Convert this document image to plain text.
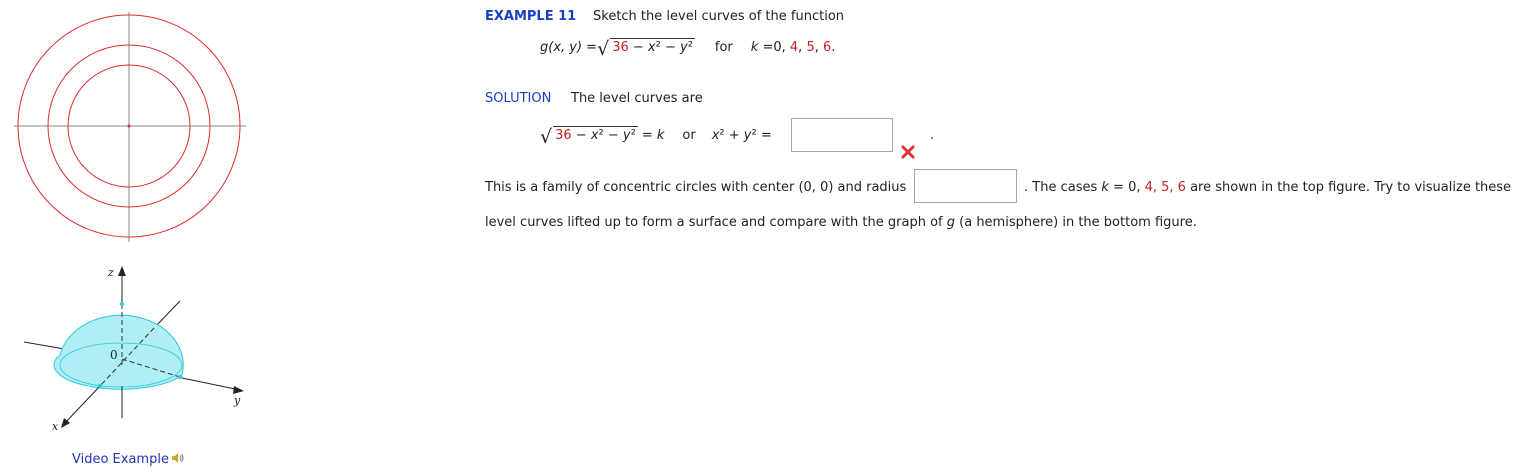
z
0
y
x
Video Example
EXAMPLE 11 Sketch the level curves of the function
g(x, y) = √ 36 − x² − y² for k = 0, 4, 5, 6 .
SOLUTION The level curves are
√ 36 − x² − y² = k or x² + y² =	.
This is a family of concentric circles with center (0, 0) and radius	. The cases k = 0, 4, 5, 6 are shown in the top figure. Try to visualize these
level curves lifted up to form a surface and compare with the graph of g (a hemisphere) in the bottom figure.
